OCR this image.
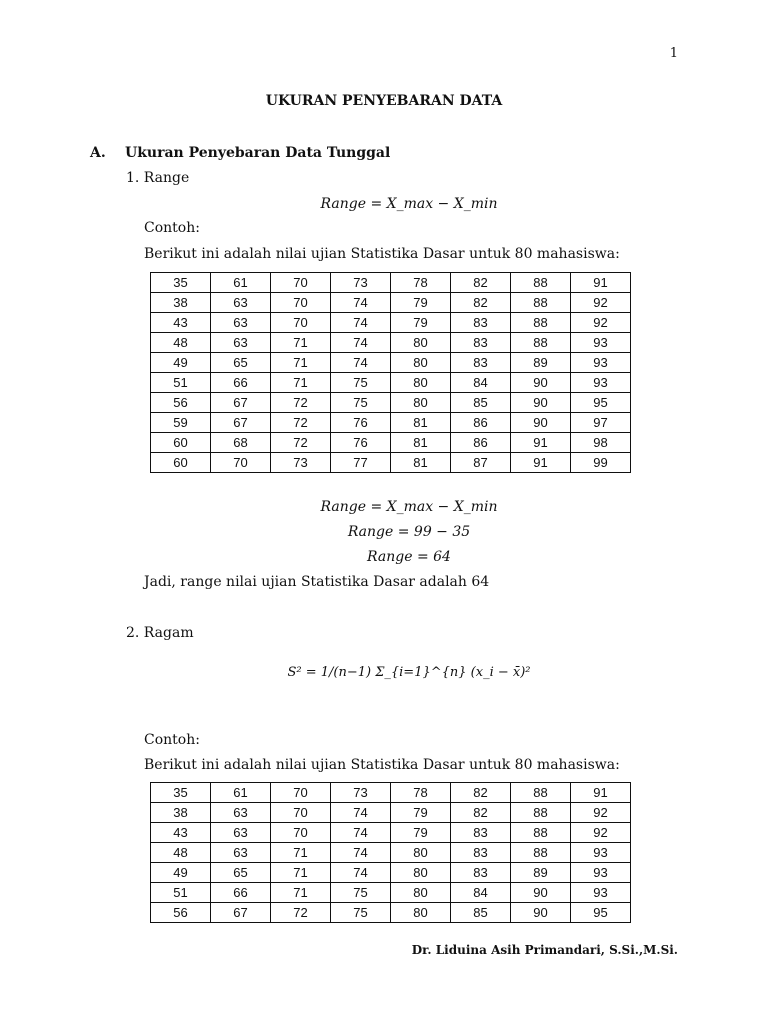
1
UKURAN PENYEBARAN DATA
A. Ukuran Penyebaran Data Tunggal
1. Range
Range = X_max − X_min
Contoh:
Berikut ini adalah nilai ujian Statistika Dasar untuk 80 mahasiswa:
35	61	70	73	78	82	88	91
38	63	70	74	79	82	88	92
43	63	70	74	79	83	88	92
48	63	71	74	80	83	88	93
49	65	71	74	80	83	89	93
51	66	71	75	80	84	90	93
56	67	72	75	80	85	90	95
59	67	72	76	81	86	90	97
60	68	72	76	81	86	91	98
60	70	73	77	81	87	91	99
Range = X_max − X_min
Range = 99 − 35
Range = 64
Jadi, range nilai ujian Statistika Dasar adalah 64
2. Ragam
S² = 1/(n−1) Σ_{i=1}^{n} (x_i − x̄)²
Contoh:
Berikut ini adalah nilai ujian Statistika Dasar untuk 80 mahasiswa:
35	61	70	73	78	82	88	91
38	63	70	74	79	82	88	92
43	63	70	74	79	83	88	92
48	63	71	74	80	83	88	93
49	65	71	74	80	83	89	93
51	66	71	75	80	84	90	93
56	67	72	75	80	85	90	95
Dr. Liduina Asih Primandari, S.Si.,M.Si.
